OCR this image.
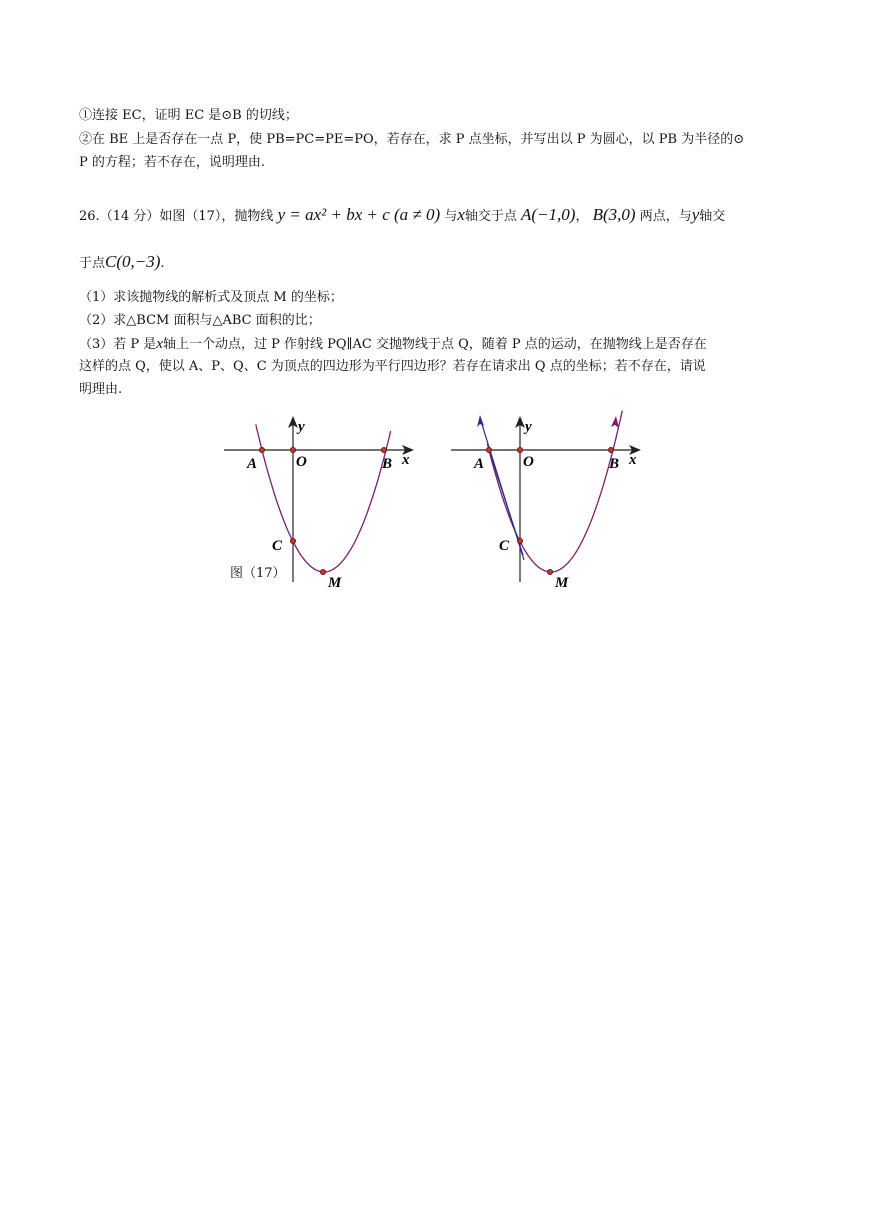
①连接 EC，证明 EC 是⊙B 的切线；
②在 BE 上是否存在一点 P，使 PB=PC=PE=PO，若存在，求 P 点坐标，并写出以 P 为圆心，以 PB 为半径的⊙
P 的方程；若不存在，说明理由.
26.（14 分）如图（17），抛物线 y = ax² + bx + c (a ≠ 0) 与x轴交于点 A(−1,0)， B(3,0) 两点，与y轴交
于点C(0,−3).
（1）求该抛物线的解析式及顶点 M 的坐标；
（2）求△BCM 面积与△ABC 面积的比；
（3）若 P 是x轴上一个动点，过 P 作射线 PQ∥AC 交抛物线于点 Q，随着 P 点的运动，在抛物线上是否存在
这样的点 Q，使以 A、P、Q、C 为顶点的四边形为平行四边形？若存在请求出 Q 点的坐标；若不存在，请说
明理由.
A	O	B x
y
C
M
图（17）
A	O	B x
y
C
M
